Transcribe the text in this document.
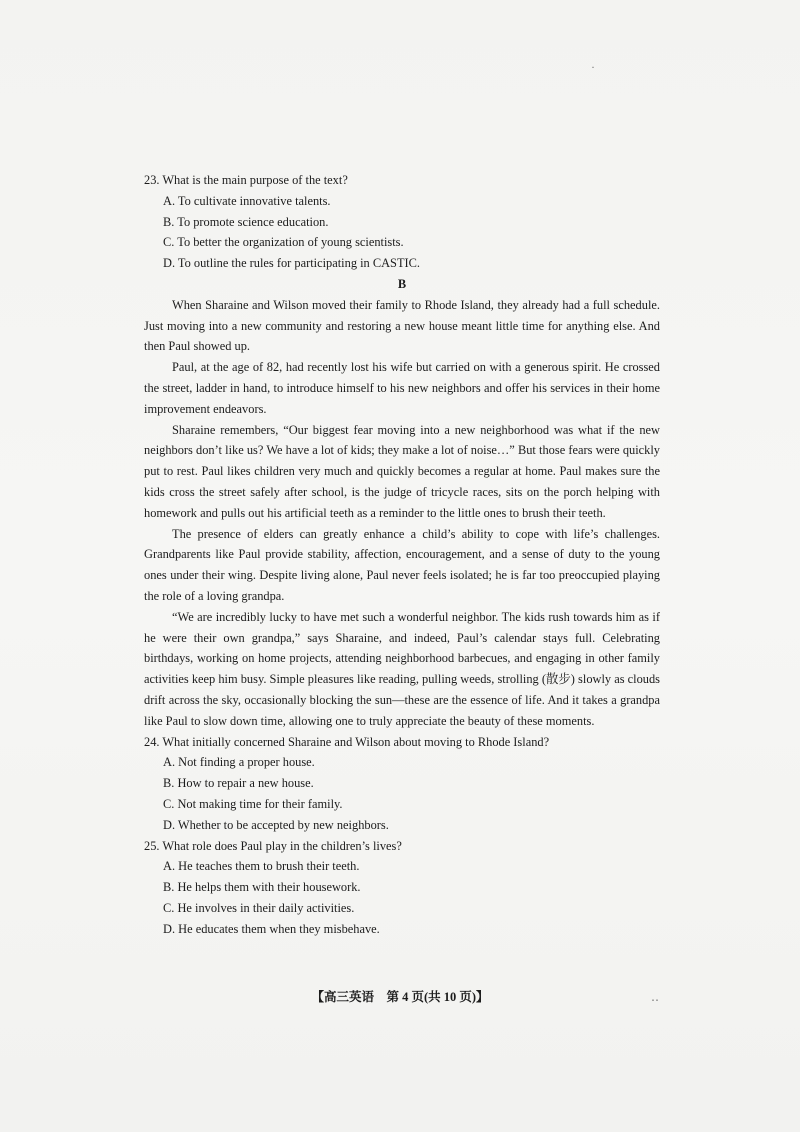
·
‥

23. What is the main purpose of the text?

A. To cultivate innovative talents.

B. To promote science education.

C. To better the organization of young scientists.

D. To outline the rules for participating in CASTIC.

B

When Sharaine and Wilson moved their family to Rhode Island, they already had a full schedule. Just moving into a new community and restoring a new house meant little time for anything else. And then Paul showed up.

Paul, at the age of 82, had recently lost his wife but carried on with a generous spirit. He crossed the street, ladder in hand, to introduce himself to his new neighbors and offer his services in their home improvement endeavors.

Sharaine remembers, “Our biggest fear moving into a new neighborhood was what if the new neighbors don’t like us? We have a lot of kids; they make a lot of noise…” But those fears were quickly put to rest. Paul likes children very much and quickly becomes a regular at home. Paul makes sure the kids cross the street safely after school, is the judge of tricycle races, sits on the porch helping with homework and pulls out his artificial teeth as a reminder to the little ones to brush their teeth.

The presence of elders can greatly enhance a child’s ability to cope with life’s challenges. Grandparents like Paul provide stability, affection, encouragement, and a sense of duty to the young ones under their wing. Despite living alone, Paul never feels isolated; he is far too preoccupied playing the role of a loving grandpa.

“We are incredibly lucky to have met such a wonderful neighbor. The kids rush towards him as if he were their own grandpa,” says Sharaine, and indeed, Paul’s calendar stays full. Celebrating birthdays, working on home projects, attending neighborhood barbecues, and engaging in other family activities keep him busy. Simple pleasures like reading, pulling weeds, strolling (散步) slowly as clouds drift across the sky, occasionally blocking the sun—these are the essence of life. And it takes a grandpa like Paul to slow down time, allowing one to truly appreciate the beauty of these moments.

24. What initially concerned Sharaine and Wilson about moving to Rhode Island?

A. Not finding a proper house.

B. How to repair a new house.

C. Not making time for their family.

D. Whether to be accepted by new neighbors.

25. What role does Paul play in the children’s lives?

A. He teaches them to brush their teeth.

B. He helps them with their housework.

C. He involves in their daily activities.

D. He educates them when they misbehave.

【高三英语　第 4 页(共 10 页)】
